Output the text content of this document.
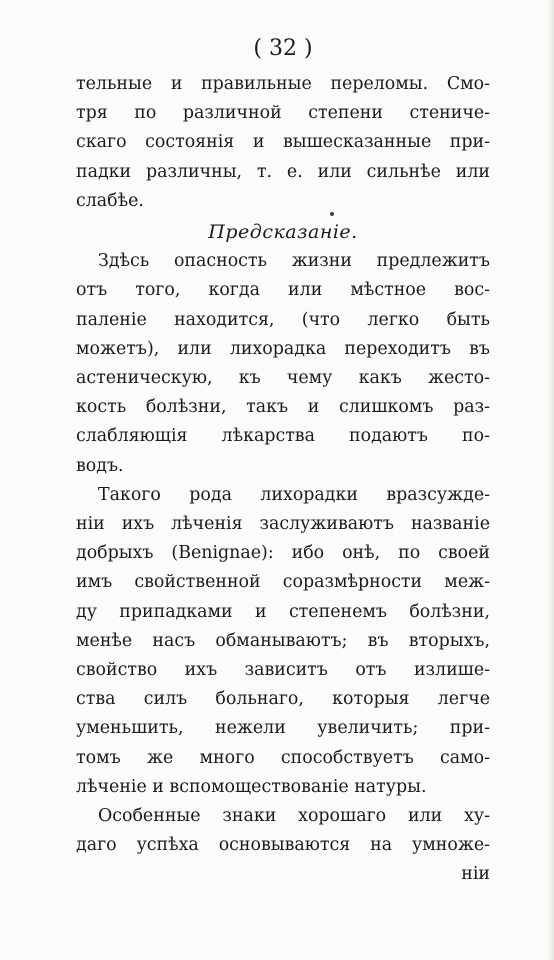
( 32 )
тельные и правильные переломы. Смо-
тря по различной степени стениче-
скаго состоянія и вышесказанные при-
падки различны, т. е. или сильнѣе или
слабѣе.
Предсказаніе.
Здѣсь опасность жизни предлежитъ
отъ того, когда или мѣстное вос-
паленіе находится, (что легко быть
можетъ), или лихорадка переходитъ въ
астеническую, къ чему какъ жесто-
кость болѣзни, такъ и слишкомъ раз-
слабляющія лѣкарства подаютъ по-
водъ.
Такого рода лихорадки вразсужде-
ніи ихъ лѣченія заслуживаютъ названіе
добрыхъ (Benignae): ибо онѣ, по своей
имъ свойственной соразмѣрности меж-
ду припадками и степенемъ болѣзни,
менѣе насъ обманываютъ; въ вторыхъ,
свойство ихъ зависитъ отъ излише-
ства силъ больнаго, которыя легче
уменьшить, нежели увеличить; при-
томъ же много способствуетъ само-
лѣченіе и вспомоществованіе натуры.
Особенные знаки хорошаго или ху-
даго успѣха основываются на умноже-
ніи
